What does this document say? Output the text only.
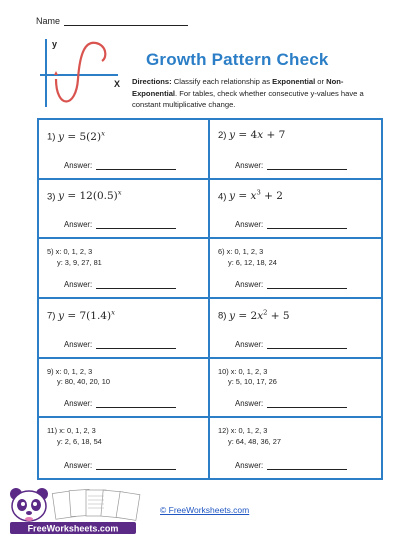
Name
y
X
Growth Pattern Check
Directions: Classify each relationship as Exponential or Non-Exponential. For tables, check whether consecutive y-values have a constant multiplicative change.
1) $y = 5(2)^x$
Answer:
2) y = 4x + 7
Answer:
3) $y = 12(0.5)^x$
Answer:
4) $y = x^3 + 2$
Answer:
5) x: 0, 1, 2, 3
y: 3, 9, 27, 81
Answer:
6) x: 0, 1, 2, 3
y: 6, 12, 18, 24
Answer:
7) $y = 7(1.4)^x$
Answer:
8) $y = 2x^2 + 5$
Answer:
9) x: 0, 1, 2, 3
y: 80, 40, 20, 10
Answer:
10) x: 0, 1, 2, 3
y: 5, 10, 17, 26
Answer:
11) x: 0, 1, 2, 3
y: 2, 6, 18, 54
Answer:
12) x: 0, 1, 2, 3
y: 64, 48, 36, 27
Answer:
FreeWorksheets.com
© FreeWorksheets.com
